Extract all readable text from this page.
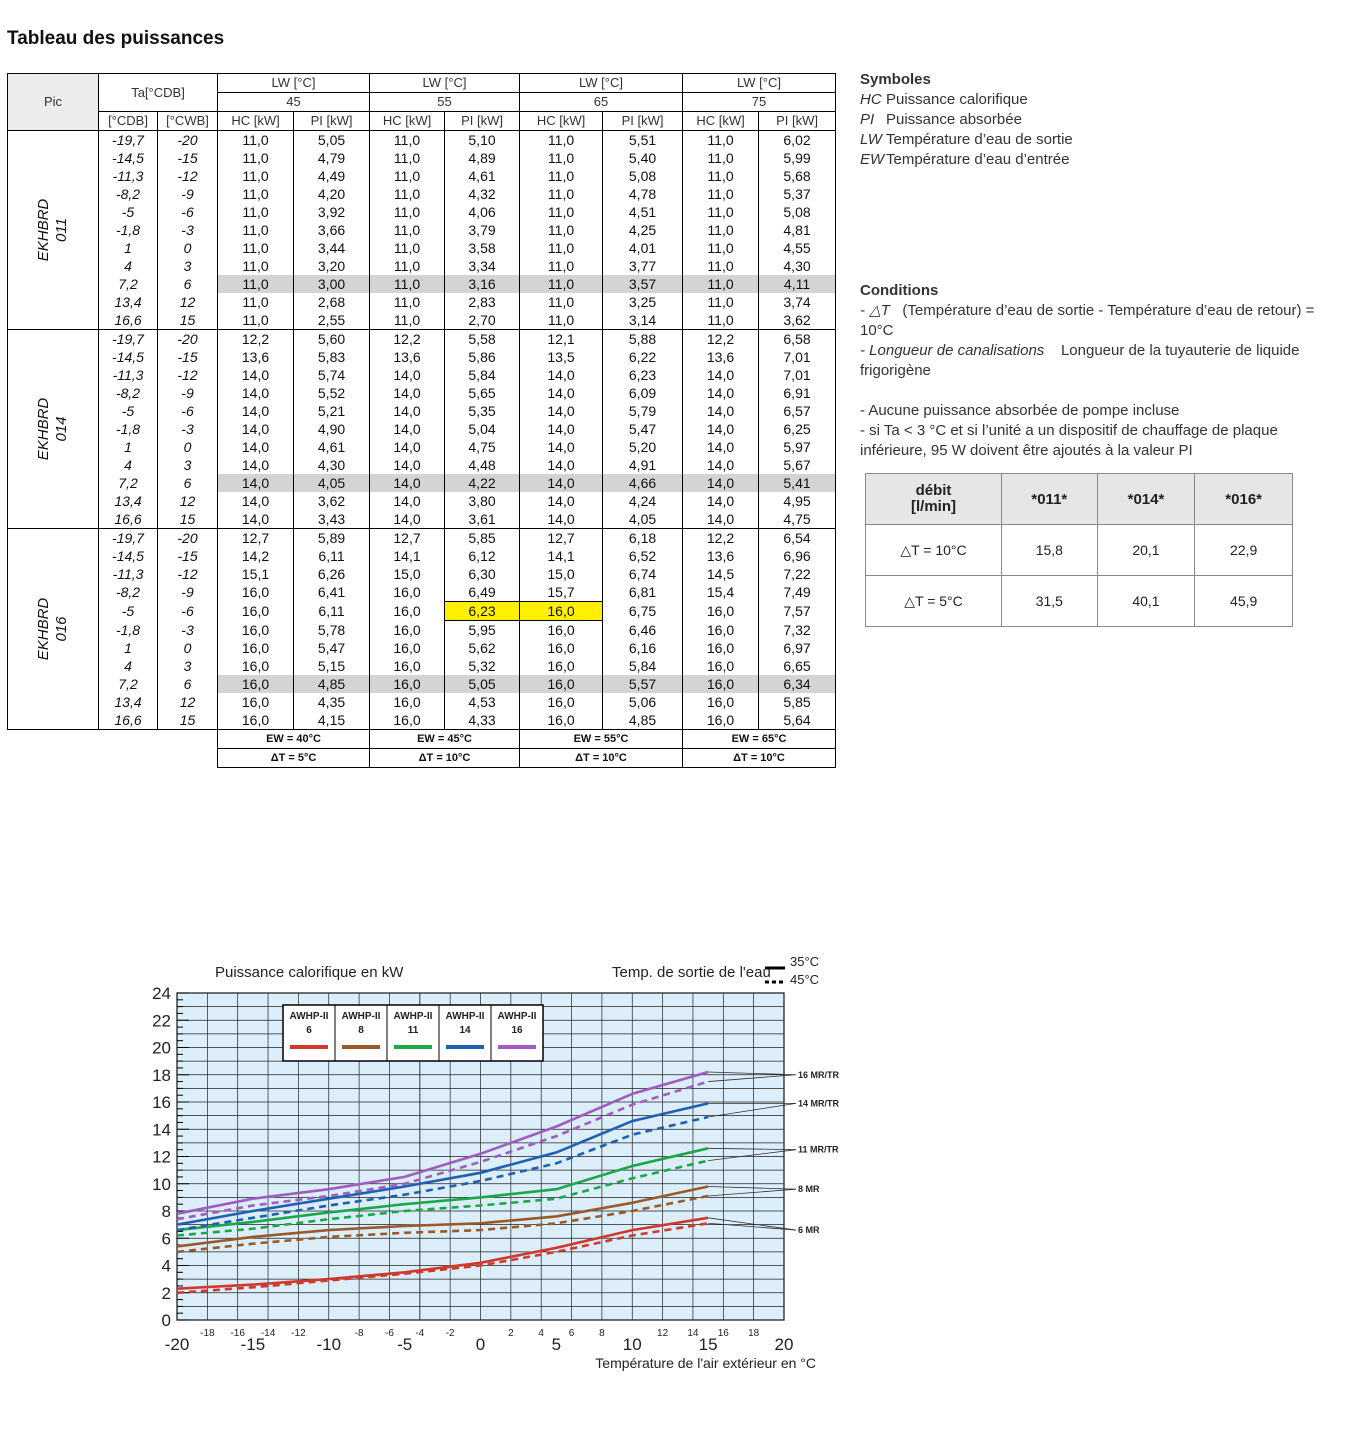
Tableau des puissances
Pic	Ta[°CDB]		LW [°C]		LW [°C]		LW [°C]		LW [°C]	
			45		55		65		75	
	[°CDB]	[°CWB]	HC [kW]	PI [kW]	HC [kW]	PI [kW]	HC [kW]	PI [kW]	HC [kW]	PI [kW]

EKHBRD
011	-19,7	-20	11,0	5,05	11,0	5,10	11,0	5,51	11,0	6,02
	-14,5	-15	11,0	4,79	11,0	4,89	11,0	5,40	11,0	5,99
	-11,3	-12	11,0	4,49	11,0	4,61	11,0	5,08	11,0	5,68
	-8,2	-9	11,0	4,20	11,0	4,32	11,0	4,78	11,0	5,37
	-5	-6	11,0	3,92	11,0	4,06	11,0	4,51	11,0	5,08
	-1,8	-3	11,0	3,66	11,0	3,79	11,0	4,25	11,0	4,81
	1	0	11,0	3,44	11,0	3,58	11,0	4,01	11,0	4,55
	4	3	11,0	3,20	11,0	3,34	11,0	3,77	11,0	4,30
	7,2	6	11,0	3,00	11,0	3,16	11,0	3,57	11,0	4,11
	13,4	12	11,0	2,68	11,0	2,83	11,0	3,25	11,0	3,74
	16,6	15	11,0	2,55	11,0	2,70	11,0	3,14	11,0	3,62

EKHBRD
014	-19,7	-20	12,2	5,60	12,2	5,58	12,1	5,88	12,2	6,58
	-14,5	-15	13,6	5,83	13,6	5,86	13,5	6,22	13,6	7,01
	-11,3	-12	14,0	5,74	14,0	5,84	14,0	6,23	14,0	7,01
	-8,2	-9	14,0	5,52	14,0	5,65	14,0	6,09	14,0	6,91
	-5	-6	14,0	5,21	14,0	5,35	14,0	5,79	14,0	6,57
	-1,8	-3	14,0	4,90	14,0	5,04	14,0	5,47	14,0	6,25
	1	0	14,0	4,61	14,0	4,75	14,0	5,20	14,0	5,97
	4	3	14,0	4,30	14,0	4,48	14,0	4,91	14,0	5,67
	7,2	6	14,0	4,05	14,0	4,22	14,0	4,66	14,0	5,41
	13,4	12	14,0	3,62	14,0	3,80	14,0	4,24	14,0	4,95
	16,6	15	14,0	3,43	14,0	3,61	14,0	4,05	14,0	4,75

EKHBRD
016	-19,7	-20	12,7	5,89	12,7	5,85	12,7	6,18	12,2	6,54
	-14,5	-15	14,2	6,11	14,1	6,12	14,1	6,52	13,6	6,96
	-11,3	-12	15,1	6,26	15,0	6,30	15,0	6,74	14,5	7,22
	-8,2	-9	16,0	6,41	16,0	6,49	15,7	6,81	15,4	7,49
	-5	-6	16,0	6,11	16,0	6,23	16,0	6,75	16,0	7,57
	-1,8	-3	16,0	5,78	16,0	5,95	16,0	6,46	16,0	7,32
	1	0	16,0	5,47	16,0	5,62	16,0	6,16	16,0	6,97
	4	3	16,0	5,15	16,0	5,32	16,0	5,84	16,0	6,65
	7,2	6	16,0	4,85	16,0	5,05	16,0	5,57	16,0	6,34
	13,4	12	16,0	4,35	16,0	4,53	16,0	5,06	16,0	5,85
	16,6	15	16,0	4,15	16,0	4,33	16,0	4,85	16,0	5,64
			EW = 40°C		EW = 45°C		EW = 55°C		EW = 65°C	
			ΔT = 5°C		ΔT = 10°C		ΔT = 10°C		ΔT = 10°C	

Symboles

HC Puissance calorifique
PI Puissance absorbée
LW Température d’eau de sortie
EW Température d’eau d’entrée

Conditions

- △T (Température d’eau de sortie - Température d’eau de retour) = 10°C

- Longueur de canalisations Longueur de la tuyauterie de liquide frigorigène

- Aucune puissance absorbée de pompe incluse

- si Ta < 3 °C et si l’unité a un dispositif de chauffage de plaque inférieure, 95 W doivent être ajoutés à la valeur PI

débit
[l/min]	*011*	*014*	*016*
△T = 10°C	15,8	20,1	22,9
△T = 5°C	31,5	40,1	45,9
0
2
4
6
8
10
12
14
16
18
20
22
24
-20	-15	-10	-5	0	5	10	15	20
-18 -16 -14 -12	-8 -6 -4 -2	2 4 6 8	12 14 16 18
Puissance calorifique en kW
Température de l'air extérieur en °C
Temp. de sortie de l'eau
35°C
45°C
AWHP-II
6
AWHP-II
8
AWHP-II
11
AWHP-II
14
AWHP-II
16
16 MR/TR
14 MR/TR
11 MR/TR
8 MR
6 MR
